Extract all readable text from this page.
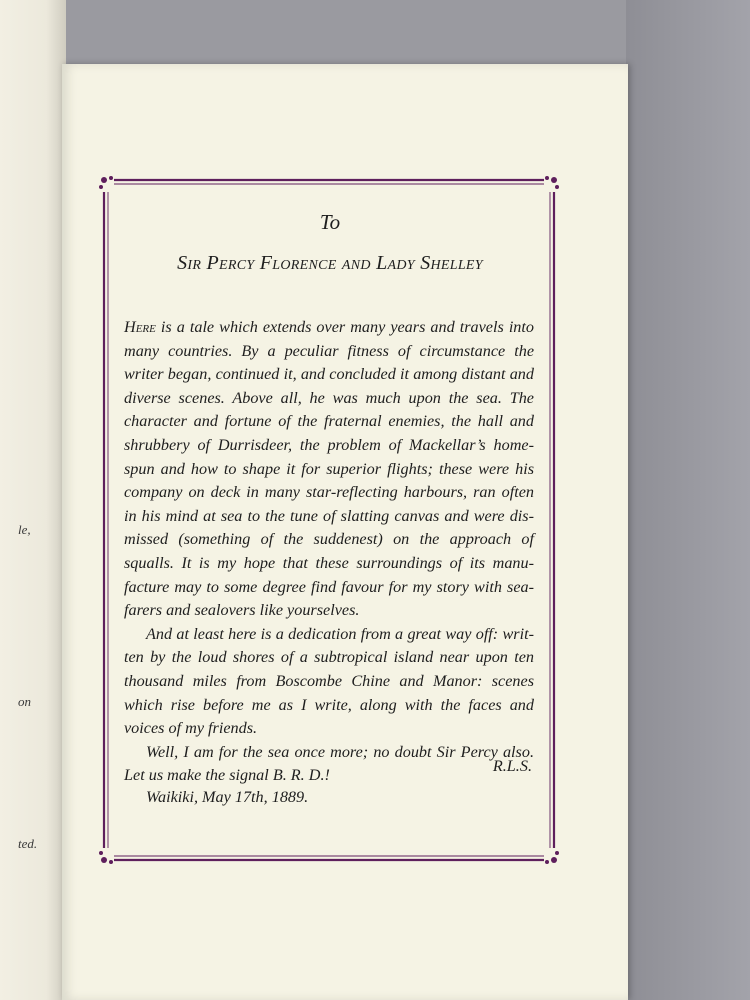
le,
on
ted.
To
Sir Percy Florence and Lady Shelley

Here is a tale which extends over many years and travels into many countries. By a peculiar fitness of circumstance the writer began, continued it, and concluded it among distant and diverse scenes. Above all, he was much upon the sea. The character and fortune of the fraternal enemies, the hall and shrubbery of Durrisdeer, the problem of Mackellar’s home-spun and how to shape it for superior flights; these were his company on deck in many star-reflecting harbours, ran often in his mind at sea to the tune of slatting canvas and were dis-missed (something of the suddenest) on the approach of squalls. It is my hope that these surroundings of its manu-facture may to some degree find favour for my story with sea-farers and sealovers like yourselves.

And at least here is a dedication from a great way off: writ-ten by the loud shores of a subtropical island near upon ten thousand miles from Boscombe Chine and Manor: scenes which rise before me as I write, along with the faces and voices of my friends.

Well, I am for the sea once more; no doubt Sir Percy also. Let us make the signal B. R. D.!

R.L.S.
Waikiki, May 17th, 1889.
